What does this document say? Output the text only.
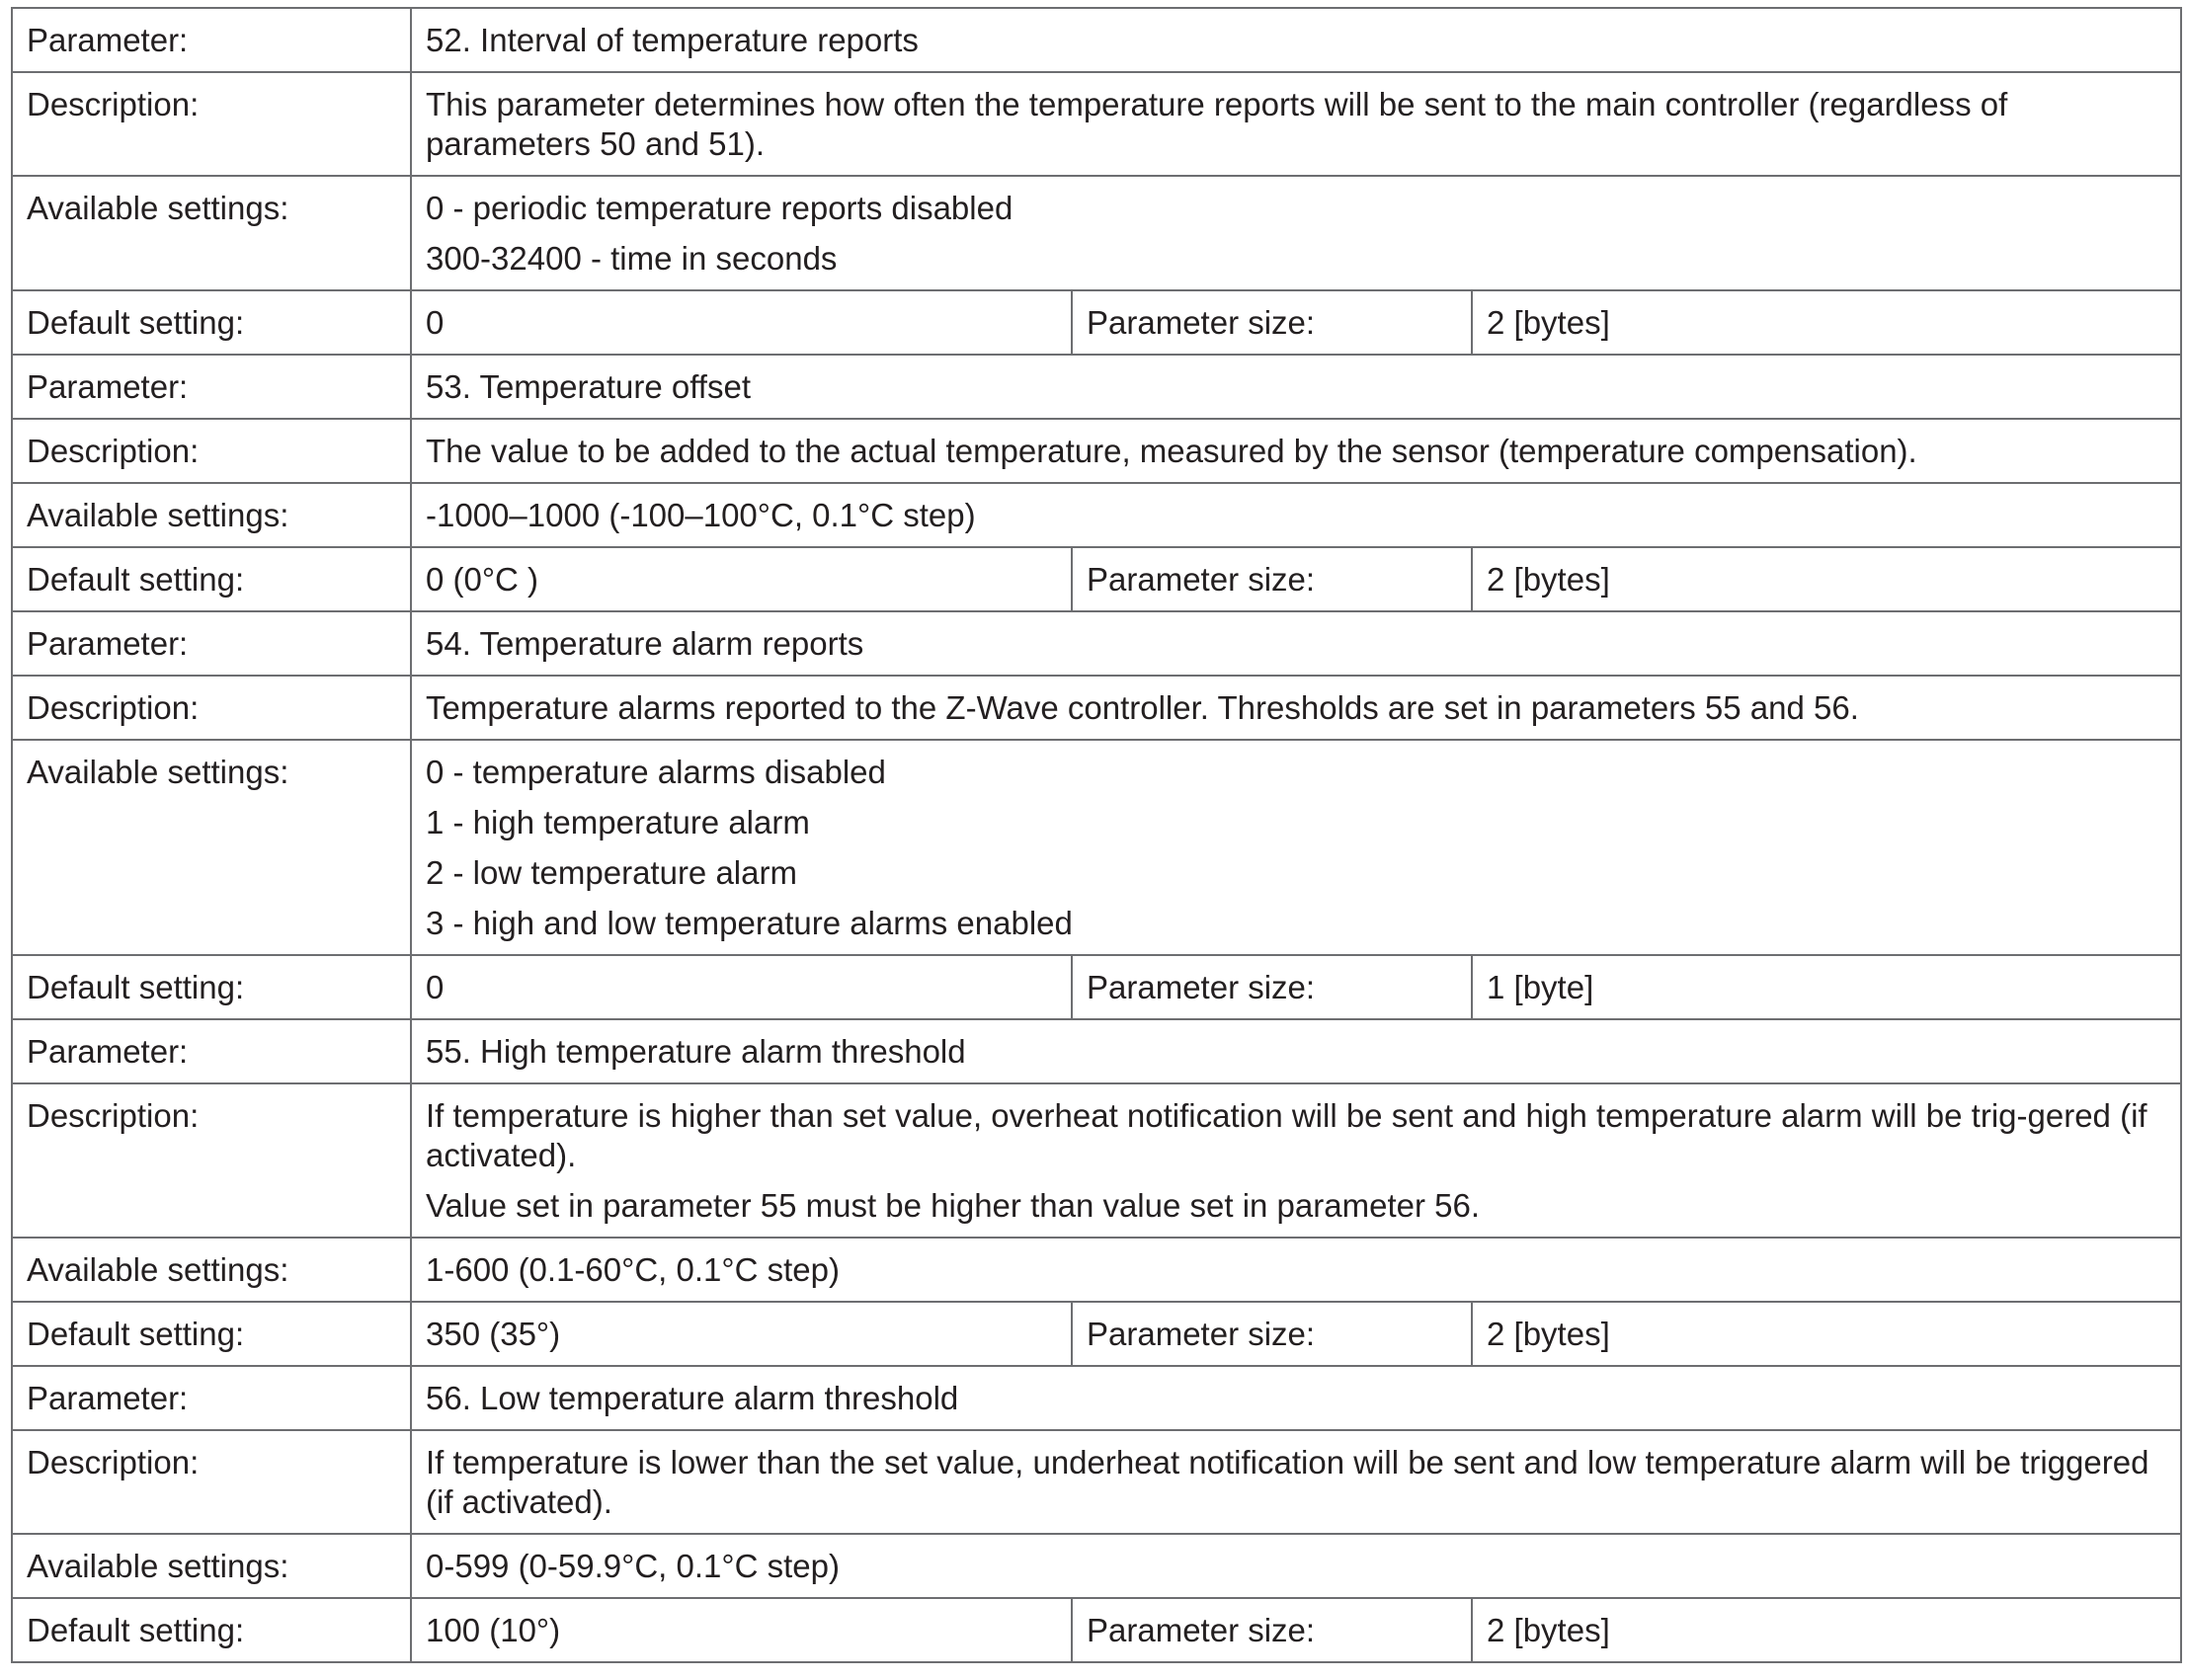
Parameter:	52. Interval of temperature reports		
Description:	This parameter determines how often the temperature reports will be sent to the main controller (regardless of parameters 50 and 51).		

Available settings:	0 - periodic temperature reports disabled
300-32400 - time in seconds		

Default setting:	0	Parameter size:	2 [bytes]
Parameter:	53. Temperature offset		
Description:	The value to be added to the actual temperature, measured by the sensor (temperature compensation).		

Available settings:	-1000–1000 (-100–100°C, 0.1°C step)		

Default setting:	0 (0°C )	Parameter size:	2 [bytes]
Parameter:	54. Temperature alarm reports		
Description:	Temperature alarms reported to the Z-Wave controller. Thresholds are set in parameters 55 and 56.		

Available settings:	0 - temperature alarms disabled
1 - high temperature alarm
2 - low temperature alarm
3 - high and low temperature alarms enabled		

Default setting:	0	Parameter size:	1 [byte]
Parameter:	55. High temperature alarm threshold		
Description:	If temperature is higher than set value, overheat notification will be sent and high temperature alarm will be trig-gered (if activated).
Value set in parameter 55 must be higher than value set in parameter 56.		

Available settings:	1-600 (0.1-60°C, 0.1°C step)		

Default setting:	350 (35°)	Parameter size:	2 [bytes]
Parameter:	56. Low temperature alarm threshold		
Description:	If temperature is lower than the set value, underheat notification will be sent and low temperature alarm will be triggered (if activated).		

Available settings:	0-599 (0-59.9°C, 0.1°C step)		

Default setting:	100 (10°)	Parameter size:	2 [bytes]
